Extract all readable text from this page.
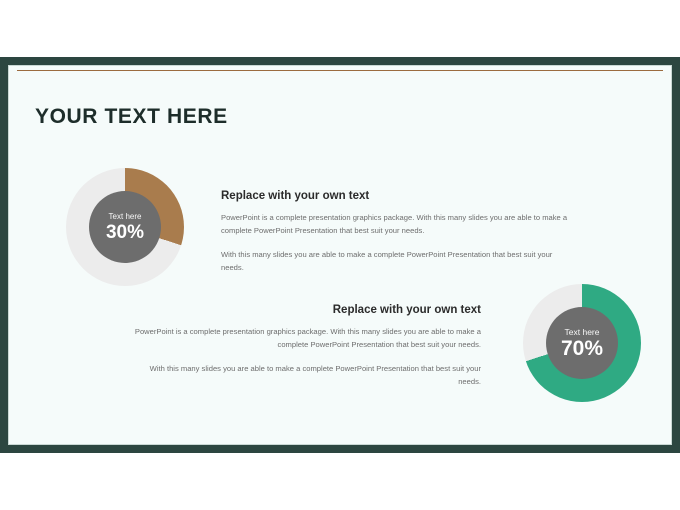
YOUR TEXT HERE
Text here
30%
Text here
70%
Replace with your own text

PowerPoint is a complete presentation graphics package. With this many slides you are able to make a complete PowerPoint Presentation that best suit your needs.

With this many slides you are able to make a complete PowerPoint Presentation that best suit your needs.

Replace with your own text

PowerPoint is a complete presentation graphics package. With this many slides you are able to make a complete PowerPoint Presentation that best suit your needs.

With this many slides you are able to make a complete PowerPoint Presentation that best suit your needs.
